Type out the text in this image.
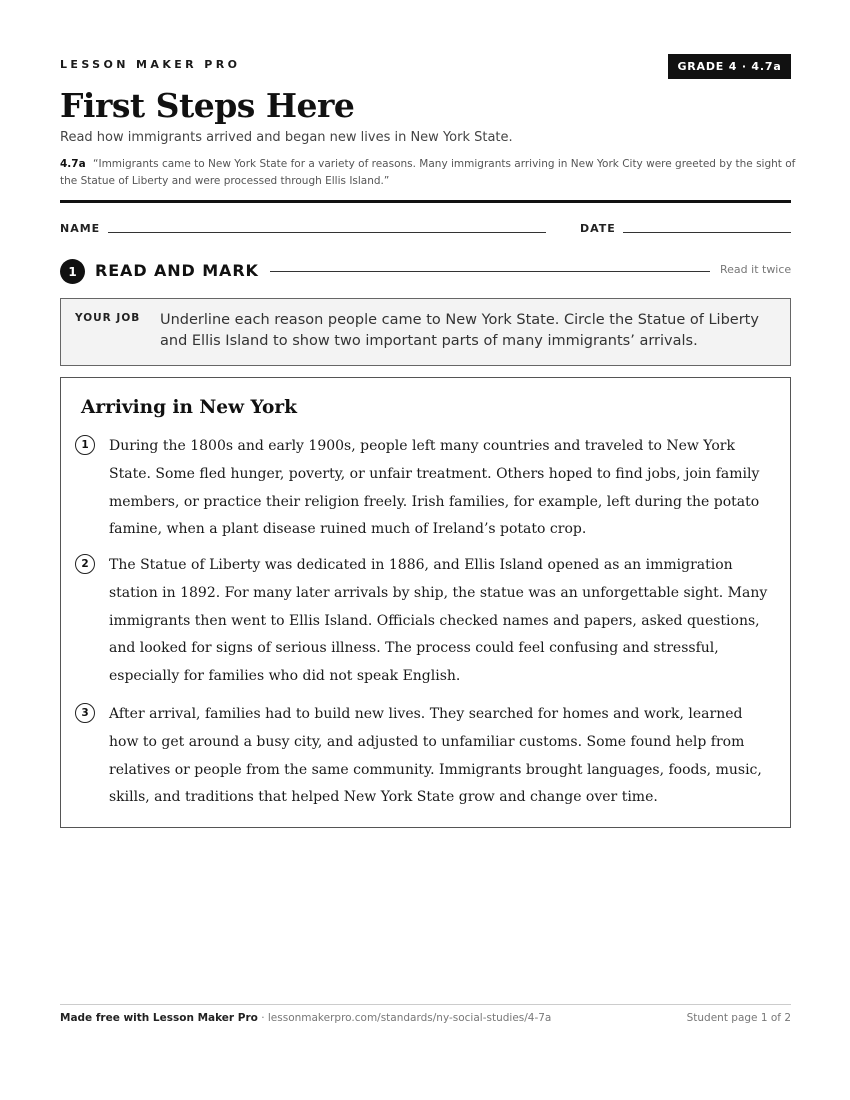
LESSON MAKER PRO	GRADE 4 · 4.7a
First Steps Here

Read how immigrants arrived and began new lives in New York State.

4.7a “Immigrants came to New York State for a variety of reasons. Many immigrants arriving in New York City were greeted by the sight of the Statue of Liberty and were processed through Ellis Island.”

NAME	DATE
1	READ AND MARK	Read it twice
YOUR JOB Underline each reason people came to New York State. Circle the Statue of Liberty and Ellis Island to show two important parts of many immigrants’ arrivals.
Arriving in New York
1	During the 1800s and early 1900s, people left many countries and traveled to New York State. Some fled hunger, poverty, or unfair treatment. Others hoped to find jobs, join family members, or practice their religion freely. Irish families, for example, left during the potato famine, when a plant disease ruined much of Ireland’s potato crop.

2	The Statue of Liberty was dedicated in 1886, and Ellis Island opened as an immigration station in 1892. For many later arrivals by ship, the statue was an unforgettable sight. Many immigrants then went to Ellis Island. Officials checked names and papers, asked questions, and looked for signs of serious illness. The process could feel confusing and stressful, especially for families who did not speak English.

3	After arrival, families had to build new lives. They searched for homes and work, learned how to get around a busy city, and adjusted to unfamiliar customs. Some found help from relatives or people from the same community. Immigrants brought languages, foods, music, skills, and traditions that helped New York State grow and change over time.

Made free with Lesson Maker Pro · lessonmakerpro.com/standards/ny-social-studies/4-7a	Student page 1 of 2
